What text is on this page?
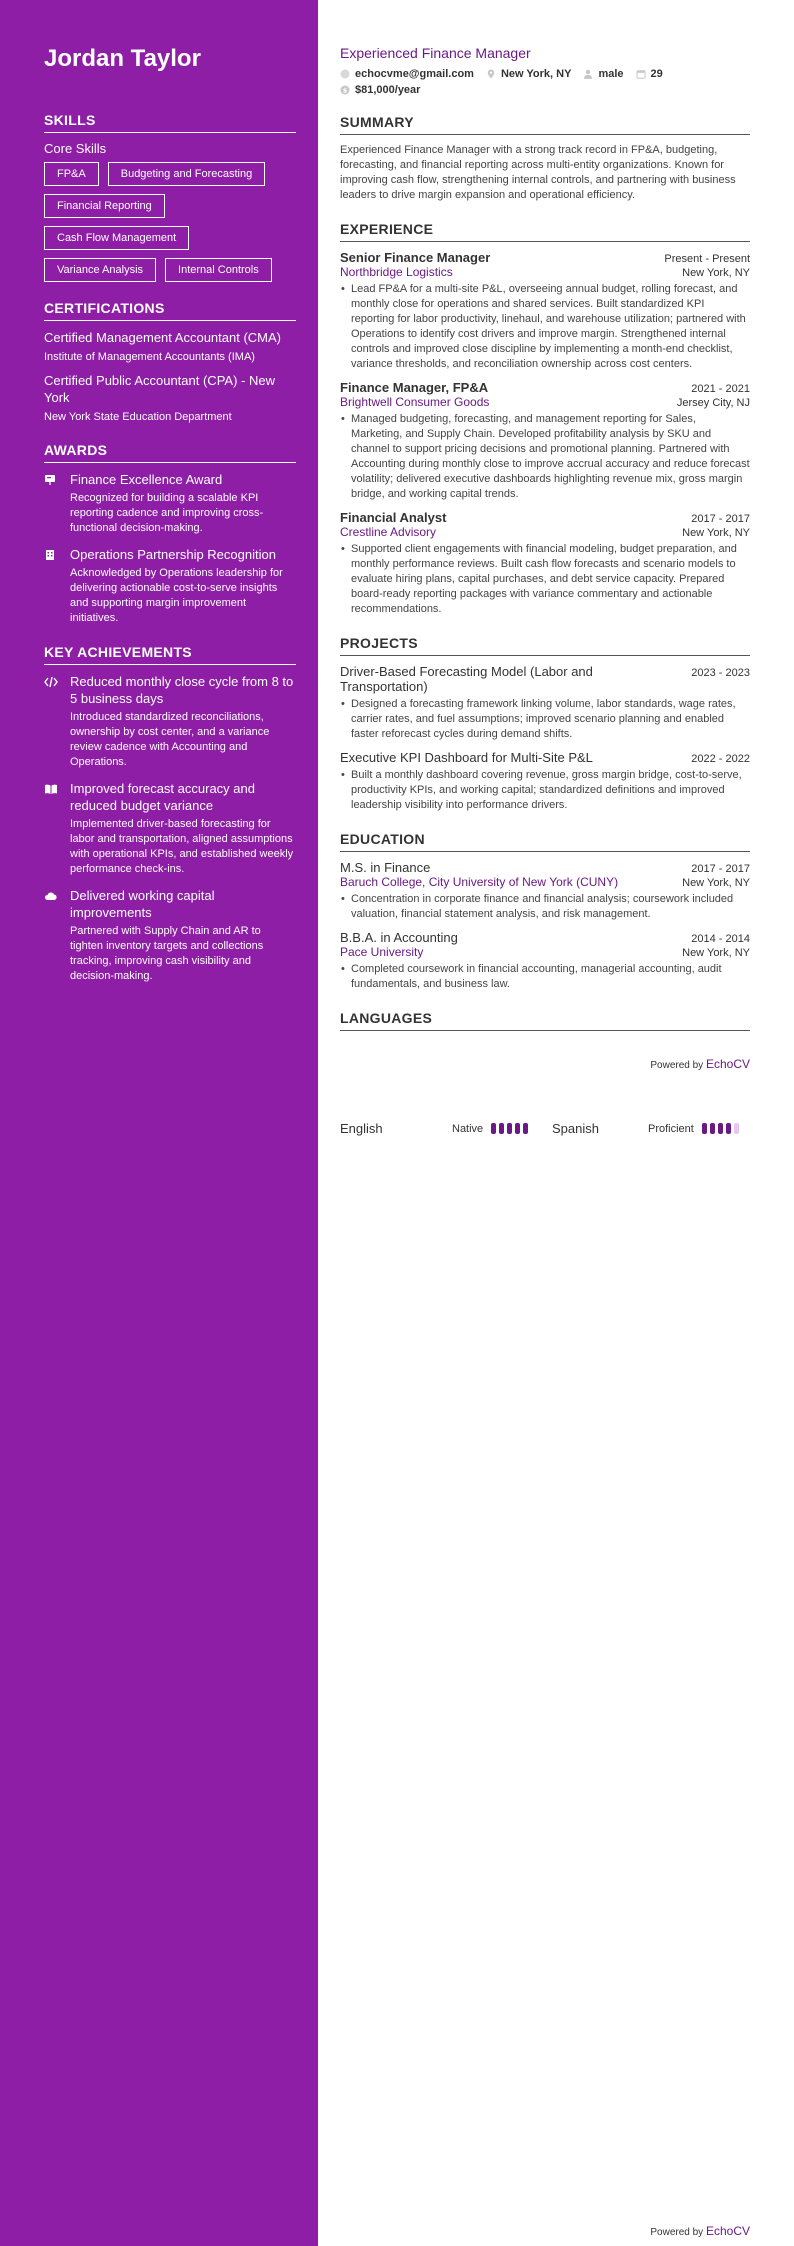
Jordan Taylor
SKILLS
Core Skills
FP&A	Budgeting and Forecasting
Financial Reporting
Cash Flow Management
Variance Analysis	Internal Controls
CERTIFICATIONS
Certified Management Accountant (CMA)
Institute of Management Accountants (IMA)
Certified Public Accountant (CPA) - New York
New York State Education Department
AWARDS
Finance Excellence Award
Recognized for building a scalable KPI reporting cadence and improving cross-functional decision-making.
Operations Partnership Recognition
Acknowledged by Operations leadership for delivering actionable cost-to-serve insights and supporting margin improvement initiatives.
KEY ACHIEVEMENTS
Reduced monthly close cycle from 8 to 5 business days
Introduced standardized reconciliations, ownership by cost center, and a variance review cadence with Accounting and Operations.
Improved forecast accuracy and reduced budget variance
Implemented driver-based forecasting for labor and transportation, aligned assumptions with operational KPIs, and established weekly performance check-ins.
Delivered working capital improvements
Partnered with Supply Chain and AR to tighten inventory targets and collections tracking, improving cash visibility and decision-making.
Experienced Finance Manager
echocvme@gmail.com New York, NY male 29
$ $81,000/year
SUMMARY

Experienced Finance Manager with a strong track record in FP&A, budgeting, forecasting, and financial reporting across multi-entity organizations. Known for improving cash flow, strengthening internal controls, and partnering with business leaders to drive margin expansion and operational efficiency.

EXPERIENCE
Senior Finance Manager	Present - Present
Northbridge Logistics	New York, NY
• Lead FP&A for a multi-site P&L, overseeing annual budget, rolling forecast, and monthly close for operations and shared services. Built standardized KPI reporting for labor productivity, linehaul, and warehouse utilization; partnered with Operations to identify cost drivers and improve margin. Strengthened internal controls and improved close discipline by implementing a month-end checklist, variance thresholds, and reconciliation ownership across cost centers.
Finance Manager, FP&A	2021 - 2021
Brightwell Consumer Goods	Jersey City, NJ
• Managed budgeting, forecasting, and management reporting for Sales, Marketing, and Supply Chain. Developed profitability analysis by SKU and channel to support pricing decisions and promotional planning. Partnered with Accounting during monthly close to improve accrual accuracy and reduce forecast volatility; delivered executive dashboards highlighting revenue mix, gross margin bridge, and working capital trends.
Financial Analyst	2017 - 2017
Crestline Advisory	New York, NY
• Supported client engagements with financial modeling, budget preparation, and monthly performance reviews. Built cash flow forecasts and scenario models to evaluate hiring plans, capital purchases, and debt service capacity. Prepared board-ready reporting packages with variance commentary and actionable recommendations.
PROJECTS
Driver-Based Forecasting Model (Labor and Transportation)
2023 - 2023
• Designed a forecasting framework linking volume, labor standards, wage rates, carrier rates, and fuel assumptions; improved scenario planning and enabled faster reforecast cycles during demand shifts.
Executive KPI Dashboard for Multi-Site P&L	2022 - 2022
• Built a monthly dashboard covering revenue, gross margin bridge, cost-to-serve, productivity KPIs, and working capital; standardized definitions and improved leadership visibility into performance drivers.
EDUCATION
M.S. in Finance	2017 - 2017
Baruch College, City University of New York (CUNY)	New York, NY
• Concentration in corporate finance and financial analysis; coursework included valuation, financial statement analysis, and risk management.
B.B.A. in Accounting	2014 - 2014
Pace University	New York, NY
• Completed coursework in financial accounting, managerial accounting, audit fundamentals, and business law.
LANGUAGES
Powered by EchoCV
English	Native	Spanish	Proficient
Powered by EchoCV
